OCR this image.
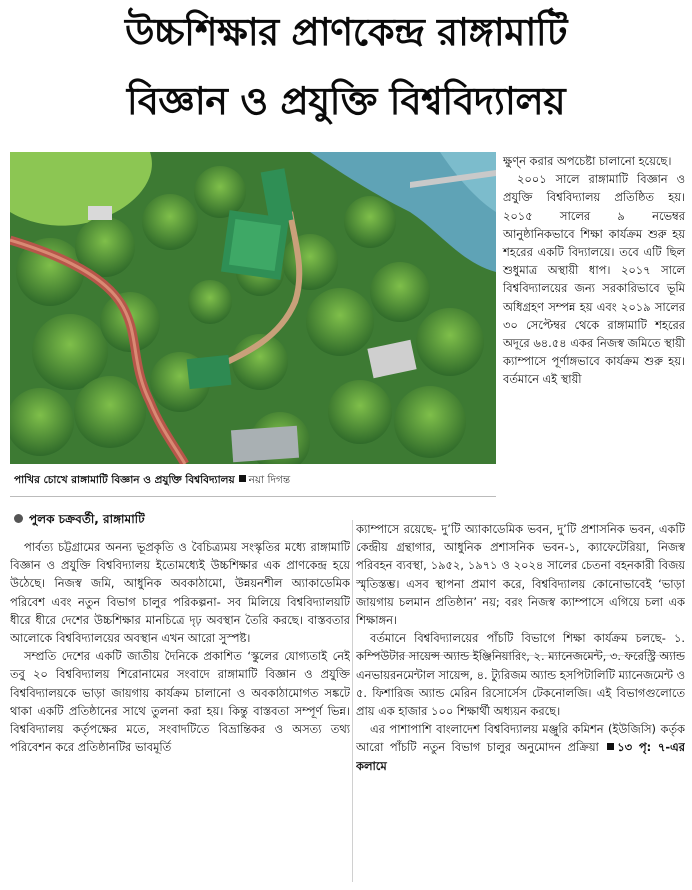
উচ্চশিক্ষার প্রাণকেন্দ্র রাঙ্গামাটি
বিজ্ঞান ও প্রযুক্তি বিশ্ববিদ্যালয়
পাখির চোখে রাঙ্গামাটি বিজ্ঞান ও প্রযুক্তি বিশ্ববিদ্যালয় নয়া দিগন্ত
পুলক চক্রবর্তী, রাঙ্গামাটি

ক্ষুণ্ন করার অপচেষ্টা চালানো হয়েছে।

২০০১ সালে রাঙ্গামাটি বিজ্ঞান ও প্রযুক্তি বিশ্ববিদ্যালয় প্রতিষ্ঠিত হয়। ২০১৫ সালের ৯ নভেম্বর আনুষ্ঠানিকভাবে শিক্ষা কার্যক্রম শুরু হয় শহরের একটি বিদ্যালয়ে। তবে এটি ছিল শুধুমাত্র অস্থায়ী ধাপ। ২০১৭ সালে বিশ্ববিদ্যালয়ের জন্য সরকারিভাবে ভূমি অধিগ্রহণ সম্পন্ন হয় এবং ২০১৯ সালের ৩০ সেপ্টেম্বর থেকে রাঙ্গামাটি শহরের অদূরে ৬৪.৫৪ একর নিজস্ব জমিতে স্থায়ী ক্যাম্পাসে পূর্ণাঙ্গভাবে কার্যক্রম শুরু হয়। বর্তমানে এই স্থায়ী

পার্বত্য চট্টগ্রামের অনন্য ভূপ্রকৃতি ও বৈচিত্র্যময় সংস্কৃতির মধ্যে রাঙ্গামাটি বিজ্ঞান ও প্রযুক্তি বিশ্ববিদ্যালয় ইতোমধ্যেই উচ্চশিক্ষার এক প্রাণকেন্দ্র হয়ে উঠেছে। নিজস্ব জমি, আধুনিক অবকাঠামো, উন্নয়নশীল অ্যাকাডেমিক পরিবেশ এবং নতুন বিভাগ চালুর পরিকল্পনা- সব মিলিয়ে বিশ্ববিদ্যালয়টি ধীরে ধীরে দেশের উচ্চশিক্ষার মানচিত্রে দৃঢ় অবস্থান তৈরি করছে। বাস্তবতার আলোকে বিশ্ববিদ্যালয়ের অবস্থান এখন আরো সুস্পষ্ট।

সম্প্রতি দেশের একটি জাতীয় দৈনিকে প্রকাশিত ‘স্কুলের যোগ্যতাই নেই তবু ২০ বিশ্ববিদ্যালয় শিরোনামের সংবাদে রাঙ্গামাটি বিজ্ঞান ও প্রযুক্তি বিশ্ববিদ্যালয়কে ভাড়া জায়গায় কার্যক্রম চালানো ও অবকাঠামোগত সঙ্কটে থাকা একটি প্রতিষ্ঠানের সাথে তুলনা করা হয়। কিন্তু বাস্তবতা সম্পূর্ণ ভিন্ন। বিশ্ববিদ্যালয় কর্তৃপক্ষের মতে, সংবাদটিতে বিভ্রান্তিকর ও অসত্য তথ্য পরিবেশন করে প্রতিষ্ঠানটির ভাবমূর্তি

ক্যাম্পাসে রয়েছে- দু’টি অ্যাকাডেমিক ভবন, দু’টি প্রশাসনিক ভবন, একটি কেন্দ্রীয় গ্রন্থাগার, আধুনিক প্রশাসনিক ভবন-১, ক্যাফেটেরিয়া, নিজস্ব পরিবহন ব্যবস্থা, ১৯৫২, ১৯৭১ ও ২০২৪ সালের চেতনা বহনকারী বিজয় স্মৃতিস্তম্ভ। এসব স্থাপনা প্রমাণ করে, বিশ্ববিদ্যালয় কোনোভাবেই ‘ভাড়া জায়গায় চলমান প্রতিষ্ঠান’ নয়; বরং নিজস্ব ক্যাম্পাসে এগিয়ে চলা এক শিক্ষাঙ্গন।

বর্তমানে বিশ্ববিদ্যালয়ের পাঁচটি বিভাগে শিক্ষা কার্যক্রম চলছে- ১. কম্পিউটার সায়েন্স অ্যান্ড ইঞ্জিনিয়ারিং, ২. ম্যানেজমেন্ট, ৩. ফরেস্ট্রি অ্যান্ড এনভায়রনমেন্টাল সায়েন্স, ৪. ট্যুরিজম অ্যান্ড হসপিটালিটি ম্যানেজমেন্ট ও ৫. ফিশারিজ অ্যান্ড মেরিন রিসোর্সেস টেকনোলজি। এই বিভাগগুলোতে প্রায় এক হাজার ১০০ শিক্ষার্থী অধ্যয়ন করছে।

এর পাশাপাশি বাংলাদেশ বিশ্ববিদ্যালয় মঞ্জুরি কমিশন (ইউজিসি) কর্তৃক আরো পাঁচটি নতুন বিভাগ চালুর অনুমোদন প্রক্রিয়া ১৩ পৃ: ৭-এর কলামে
